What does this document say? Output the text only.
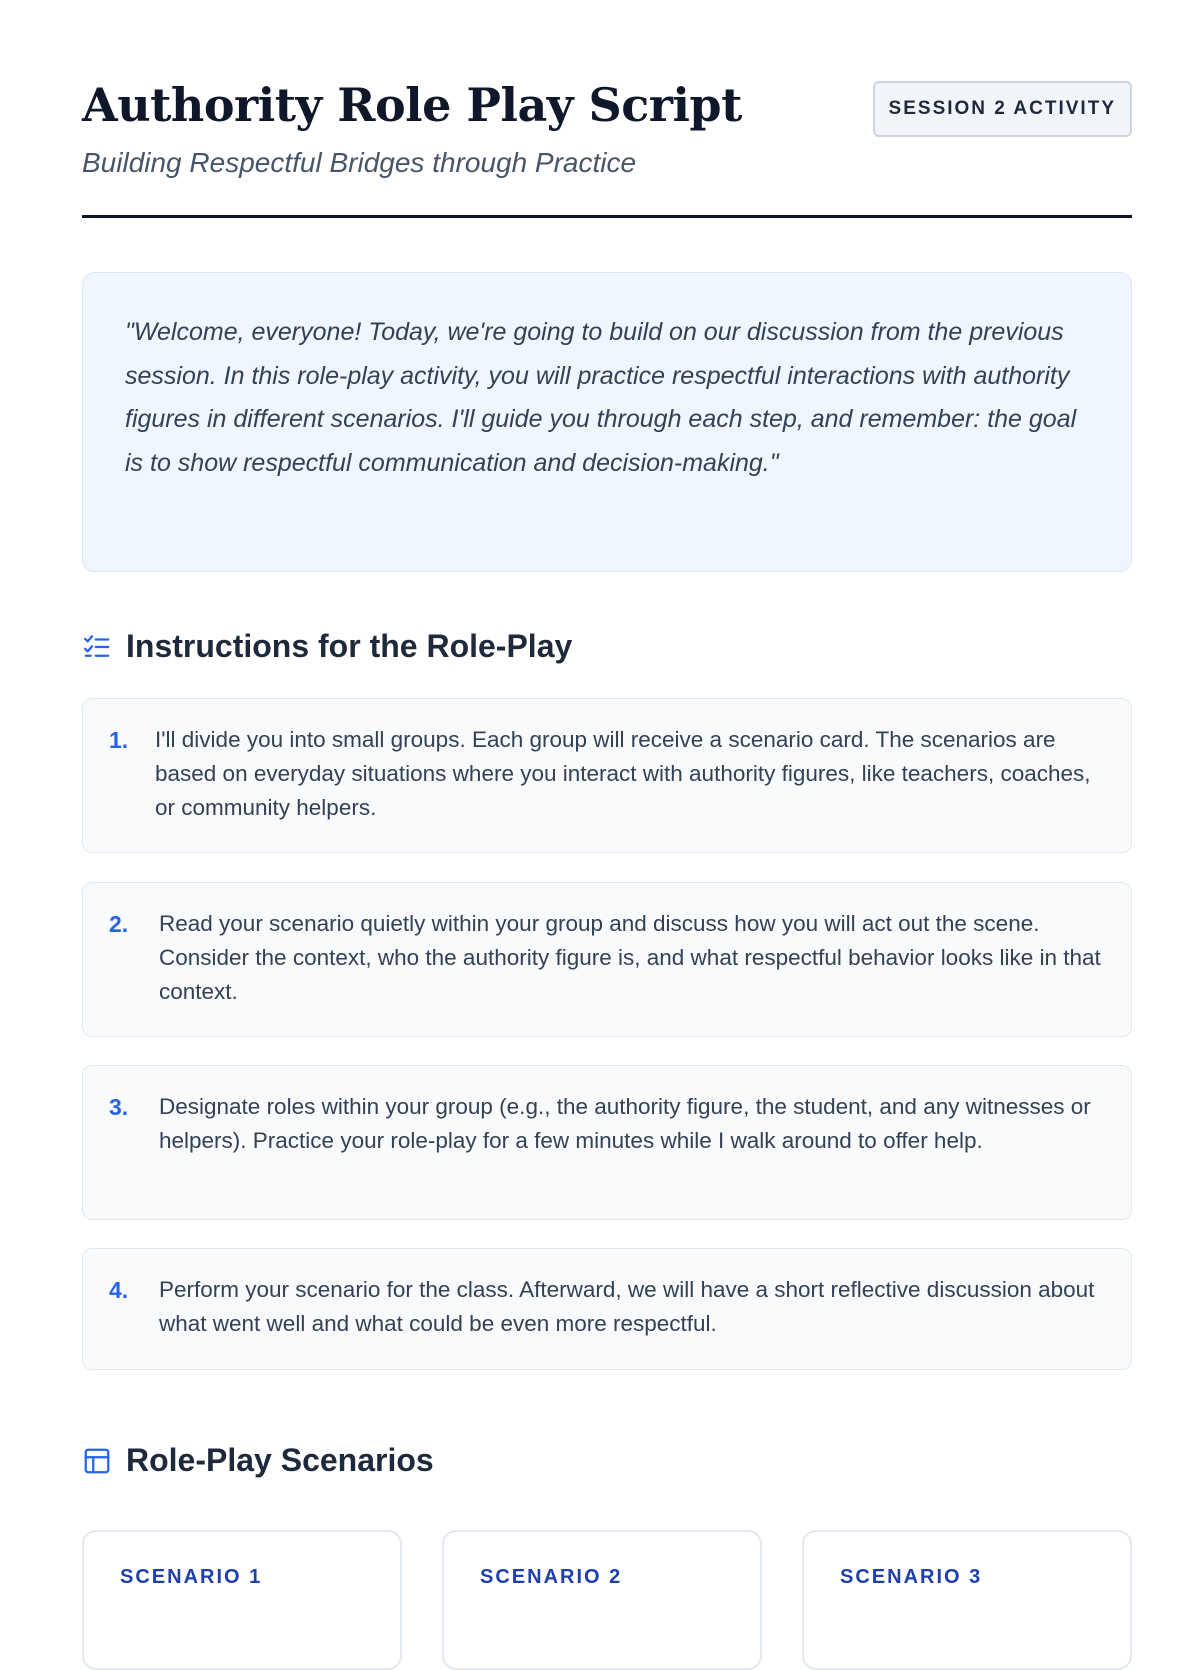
Authority Role Play Script

Building Respectful Bridges through Practice

SESSION 2 ACTIVITY

"Welcome, everyone! Today, we're going to build on our discussion from the previous session. In this role-play activity, you will practice respectful interactions with authority figures in different scenarios. I'll guide you through each step, and remember: the goal is to show respectful communication and decision-making."

Instructions for the Role-Play
1.	I'll divide you into small groups. Each group will receive a scenario card. The scenarios are based on everyday situations where you interact with authority figures, like teachers, coaches, or community helpers.
2.	Read your scenario quietly within your group and discuss how you will act out the scene. Consider the context, who the authority figure is, and what respectful behavior looks like in that context.
3.	Designate roles within your group (e.g., the authority figure, the student, and any witnesses or helpers). Practice your role-play for a few minutes while I walk around to offer help.
4.	Perform your scenario for the class. Afterward, we will have a short reflective discussion about what went well and what could be even more respectful.
Role-Play Scenarios
SCENARIO 1	SCENARIO 2	SCENARIO 3
